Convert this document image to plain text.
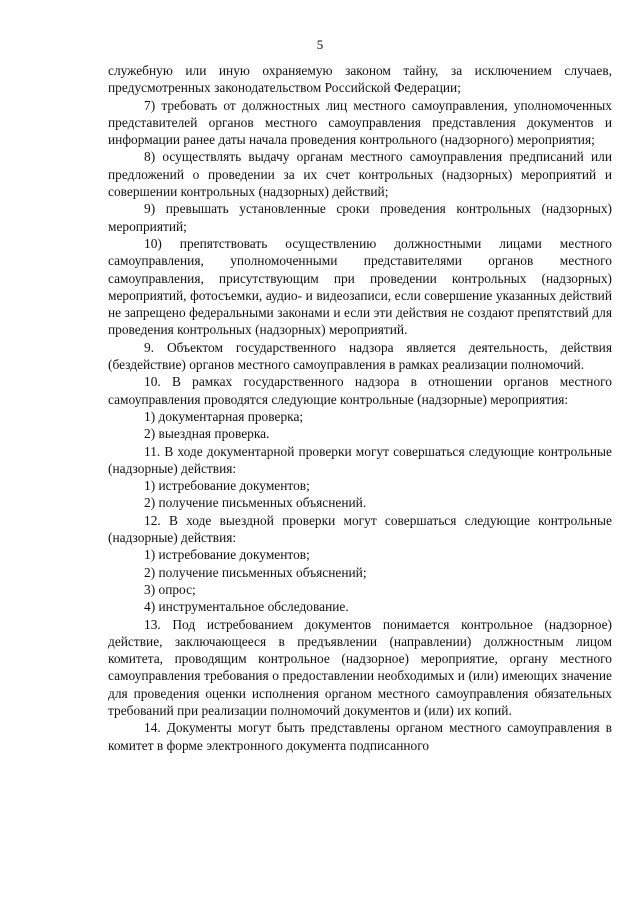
5

служебную или иную охраняемую законом тайну, за исключением случаев, предусмотренных законодательством Российской Федерации;

7) требовать от должностных лиц местного самоуправления, уполномоченных представителей органов местного самоуправления представления документов и информации ранее даты начала проведения контрольного (надзорного) мероприятия;

8) осуществлять выдачу органам местного самоуправления предписаний или предложений о проведении за их счет контрольных (надзорных) мероприятий и совершении контрольных (надзорных) действий;

9) превышать установленные сроки проведения контрольных (надзорных) мероприятий;

10) препятствовать осуществлению должностными лицами местного самоуправления, уполномоченными представителями органов местного самоуправления, присутствующим при проведении контрольных (надзорных) мероприятий, фотосъемки, аудио- и видеозаписи, если совершение указанных действий не запрещено федеральными законами и если эти действия не создают препятствий для проведения контрольных (надзорных) мероприятий.

9. Объектом государственного надзора является деятельность, действия (бездействие) органов местного самоуправления в рамках реализации полномочий.

10. В рамках государственного надзора в отношении органов местного самоуправления проводятся следующие контрольные (надзорные) мероприятия:

1) документарная проверка;

2) выездная проверка.

11. В ходе документарной проверки могут совершаться следующие контрольные (надзорные) действия:

1) истребование документов;

2) получение письменных объяснений.

12. В ходе выездной проверки могут совершаться следующие контрольные (надзорные) действия:

1) истребование документов;

2) получение письменных объяснений;

3) опрос;

4) инструментальное обследование.

13. Под истребованием документов понимается контрольное (надзорное) действие, заключающееся в предъявлении (направлении) должностным лицом комитета, проводящим контрольное (надзорное) мероприятие, органу местного самоуправления требования о предоставлении необходимых и (или) имеющих значение для проведения оценки исполнения органом местного самоуправления обязательных требований при реализации полномочий документов и (или) их копий.

14. Документы могут быть представлены органом местного самоуправления в комитет в форме электронного документа подписанного
